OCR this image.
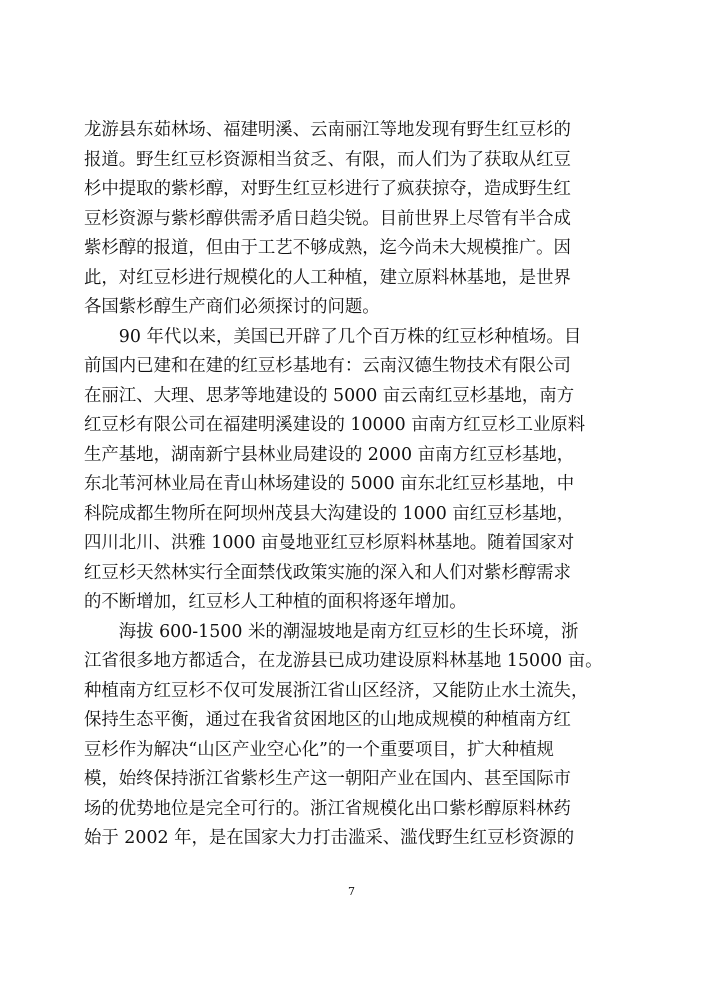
龙游县东茹林场、福建明溪、云南丽江等地发现有野生红豆杉的
报道。野生红豆杉资源相当贫乏、有限，而人们为了获取从红豆
杉中提取的紫杉醇，对野生红豆杉进行了疯获掠夺，造成野生红
豆杉资源与紫杉醇供需矛盾日趋尖锐。目前世界上尽管有半合成
紫杉醇的报道，但由于工艺不够成熟，迄今尚未大规模推广。因
此，对红豆杉进行规模化的人工种植，建立原料林基地，是世界
各国紫杉醇生产商们必须探讨的问题。
　　90 年代以来，美国已开辟了几个百万株的红豆杉种植场。目
前国内已建和在建的红豆杉基地有：云南汉德生物技术有限公司
在丽江、大理、思茅等地建设的 5000 亩云南红豆杉基地，南方
红豆杉有限公司在福建明溪建设的 10000 亩南方红豆杉工业原料
生产基地，湖南新宁县林业局建设的 2000 亩南方红豆杉基地，
东北苇河林业局在青山林场建设的 5000 亩东北红豆杉基地，中
科院成都生物所在阿坝州茂县大沟建设的 1000 亩红豆杉基地，
四川北川、洪雅 1000 亩曼地亚红豆杉原料林基地。随着国家对
红豆杉天然林实行全面禁伐政策实施的深入和人们对紫杉醇需求
的不断增加，红豆杉人工种植的面积将逐年增加。
　　海拔 600-1500 米的潮湿坡地是南方红豆杉的生长环境，浙
江省很多地方都适合，在龙游县已成功建设原料林基地 15000 亩。
种植南方红豆杉不仅可发展浙江省山区经济，又能防止水土流失，
保持生态平衡，通过在我省贫困地区的山地成规模的种植南方红
豆杉作为解决“山区产业空心化”的一个重要项目，扩大种植规
模，始终保持浙江省紫杉生产这一朝阳产业在国内、甚至国际市
场的优势地位是完全可行的。浙江省规模化出口紫杉醇原料林药
始于 2002 年，是在国家大力打击滥采、滥伐野生红豆杉资源的
7
